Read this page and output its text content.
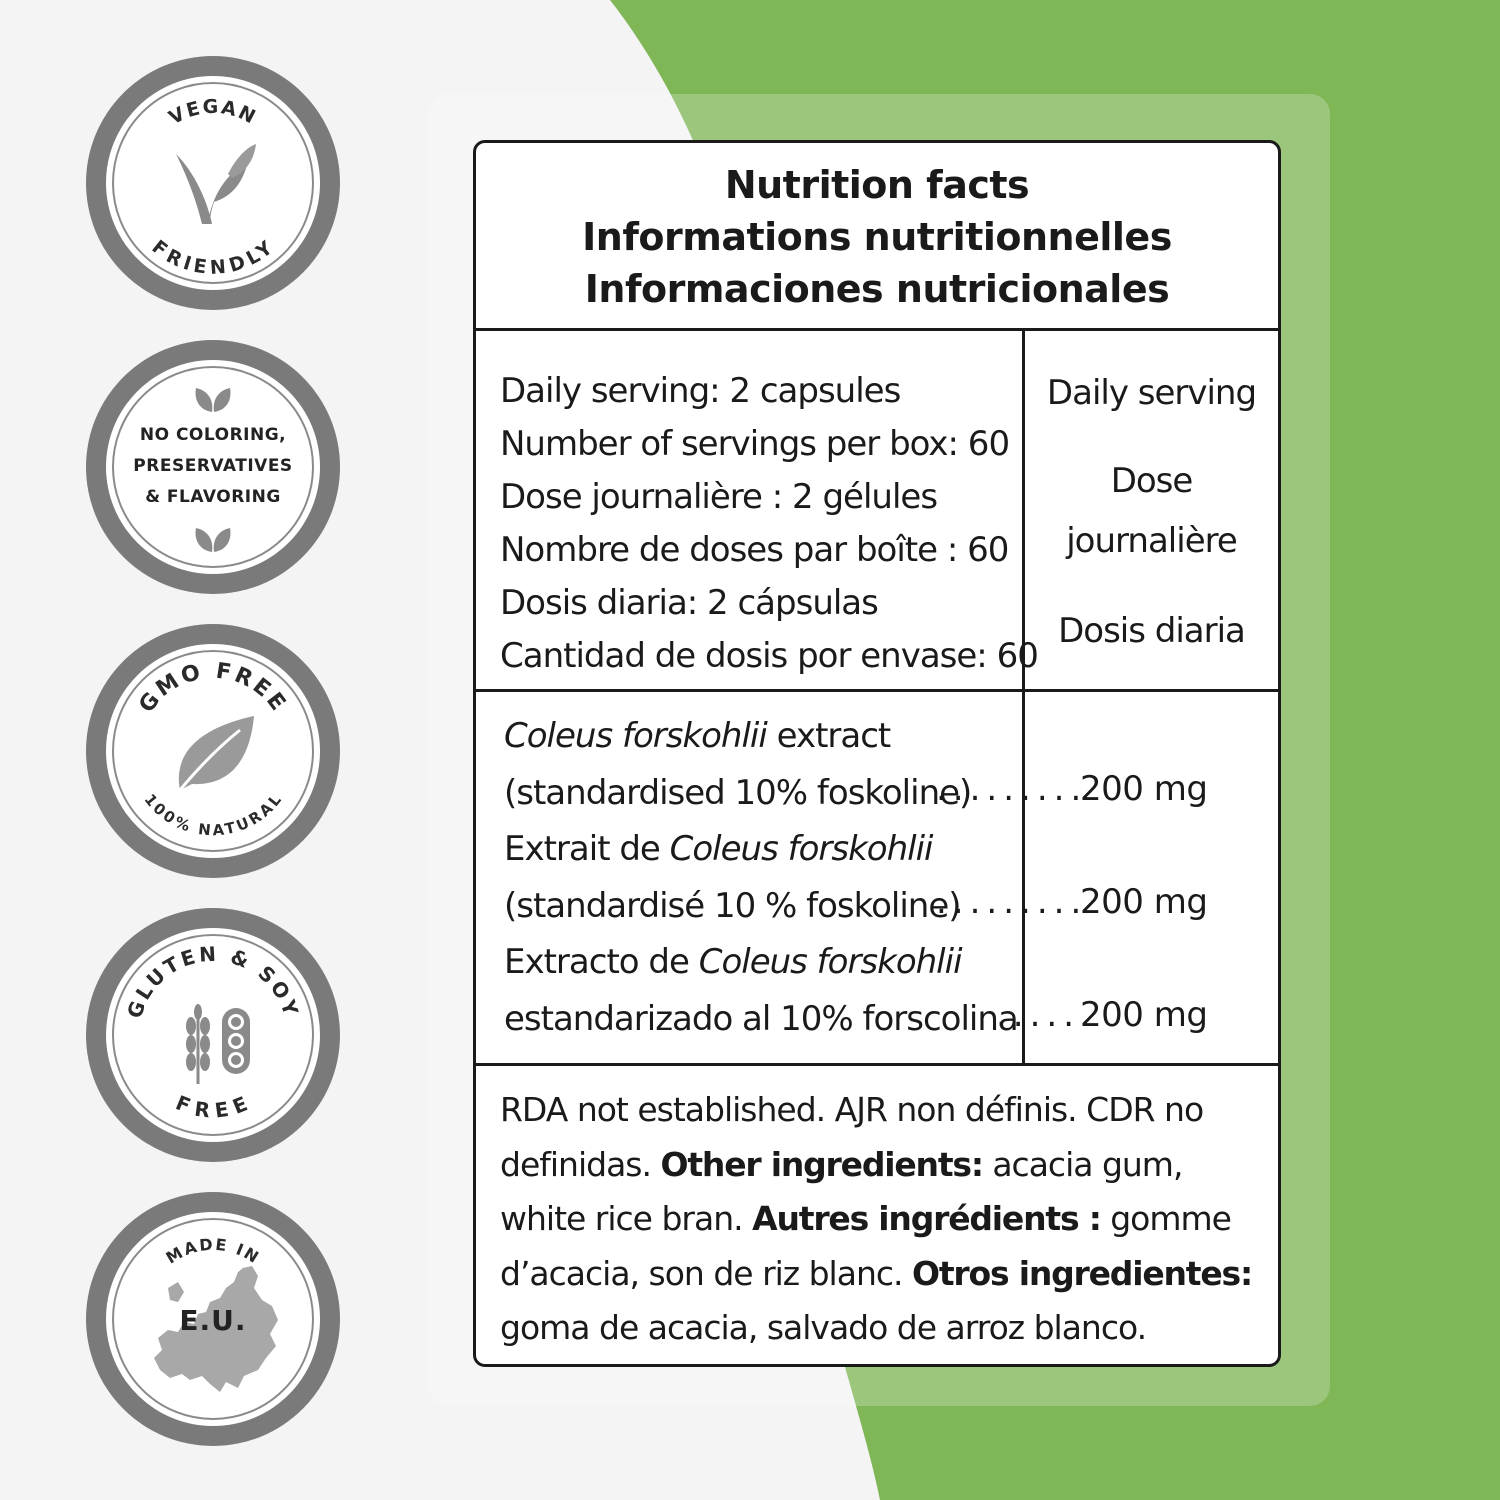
VEGAN
FRIENDLY
NO COLORING,
PRESERVATIVES
& FLAVORING
GMO FREE
100% NATURAL
GLUTEN & SOY
FREE
MADE IN
E.U.
Nutrition facts
Informations nutritionnelles
Informaciones nutricionales
Daily serving: 2 capsules
Number of servings per box: 60
Dose journalière : 2 gélules
Nombre de doses par boîte : 60
Dosis diaria: 2 cápsulas
Cantidad de dosis por envase: 60
Daily serving
Dose
journalière
Dosis diaria
Coleus forskohlii extract
(standardised 10% foskoline)
Extrait de Coleus forskohlii
(standardisé 10 % foskoline)
Extracto de Coleus forskohlii
estandarizado al 10% forscolina
.........
.........
.....
200 mg
200 mg
200 mg
RDA not established. AJR non définis. CDR no definidas. Other ingredients: acacia gum, white rice bran. Autres ingrédients : gomme d’acacia, son de riz blanc. Otros ingredientes: goma de acacia, salvado de arroz blanco.
